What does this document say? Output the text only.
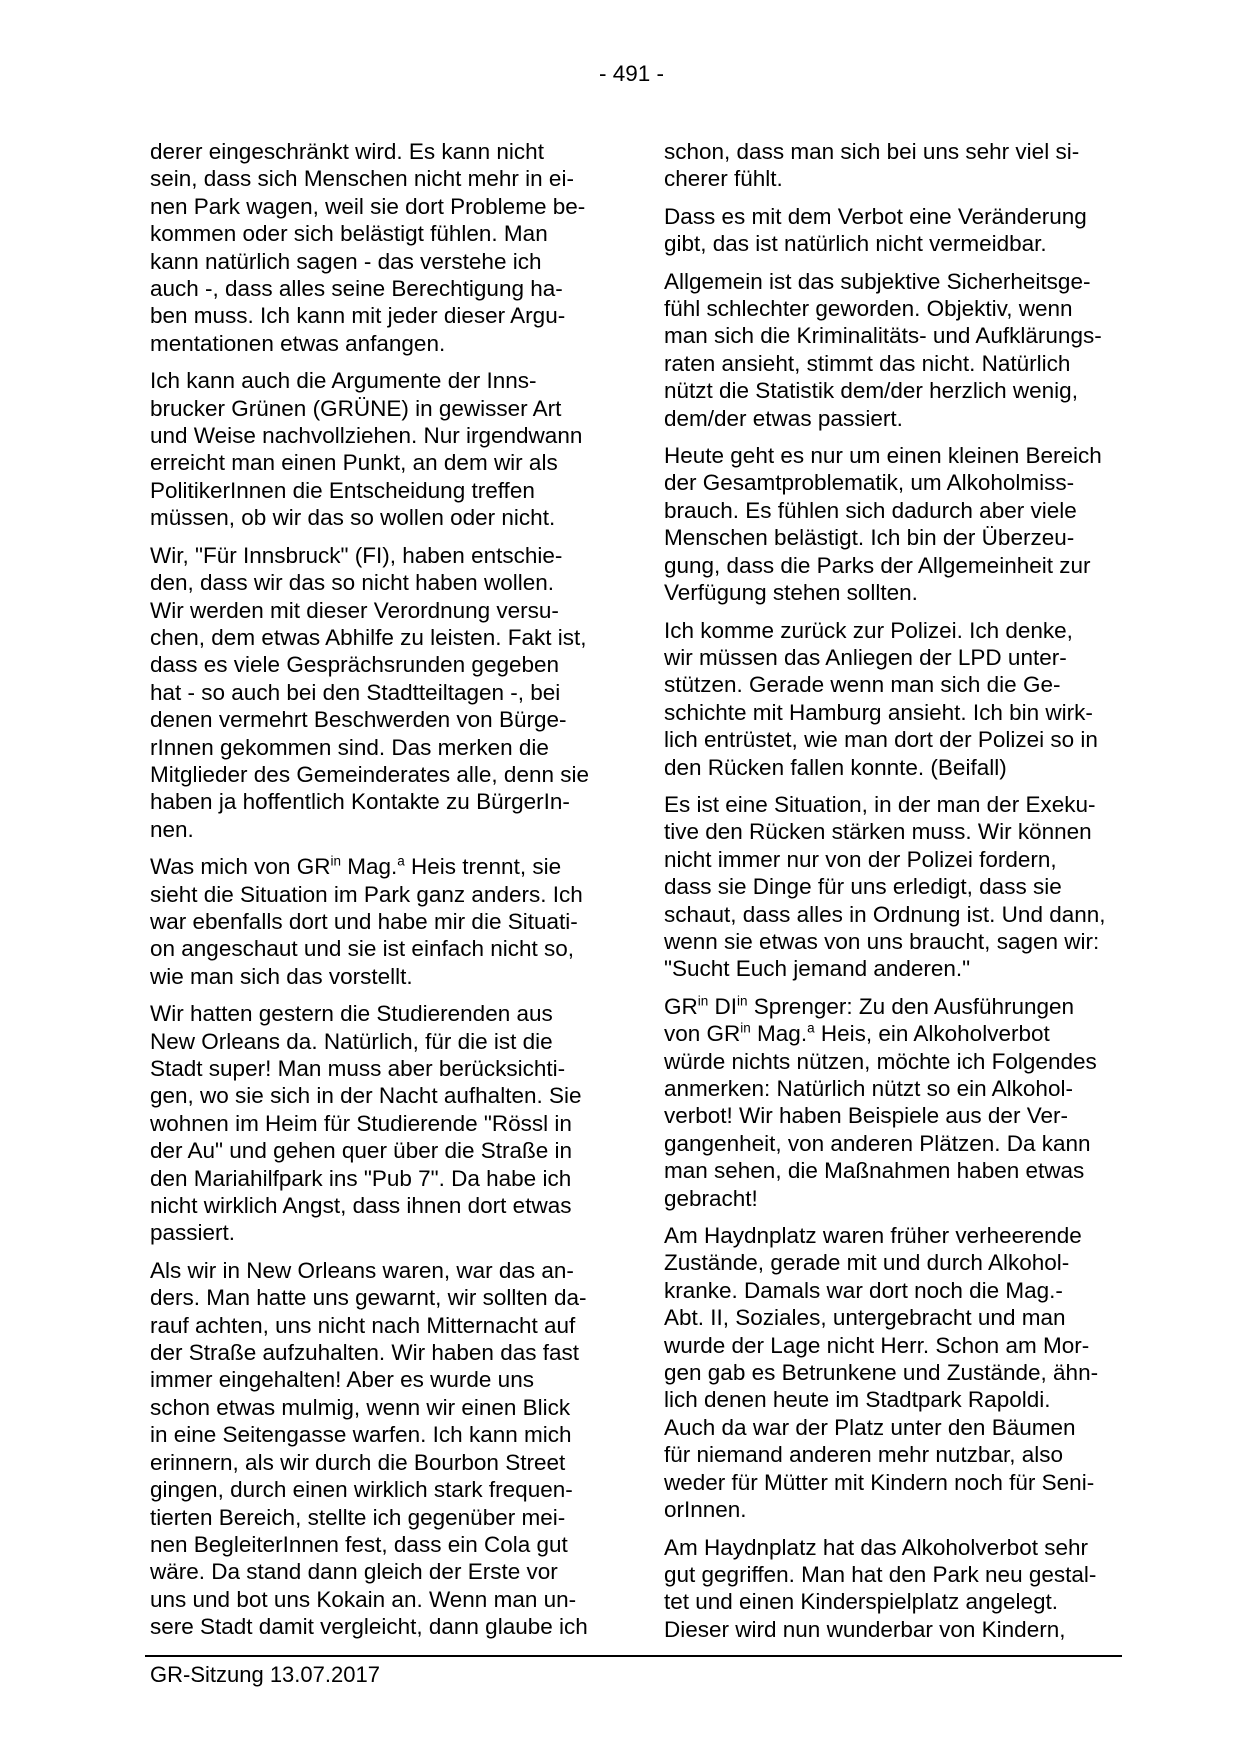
- 491 -

derer eingeschränkt wird. Es kann nicht
sein, dass sich Menschen nicht mehr in ei-
nen Park wagen, weil sie dort Probleme be-
kommen oder sich belästigt fühlen. Man
kann natürlich sagen - das verstehe ich
auch -, dass alles seine Berechtigung ha-
ben muss. Ich kann mit jeder dieser Argu-
mentationen etwas anfangen.

Ich kann auch die Argumente der Inns-
brucker Grünen (GRÜNE) in gewisser Art
und Weise nachvollziehen. Nur irgendwann
erreicht man einen Punkt, an dem wir als
PolitikerInnen die Entscheidung treffen
müssen, ob wir das so wollen oder nicht.

Wir, "Für Innsbruck" (FI), haben entschie-
den, dass wir das so nicht haben wollen.
Wir werden mit dieser Verordnung versu-
chen, dem etwas Abhilfe zu leisten. Fakt ist,
dass es viele Gesprächsrunden gegeben
hat - so auch bei den Stadtteiltagen -, bei
denen vermehrt Beschwerden von Bürge-
rInnen gekommen sind. Das merken die
Mitglieder des Gemeinderates alle, denn sie
haben ja hoffentlich Kontakte zu BürgerIn-
nen.

Was mich von $GR^{in}$ Mag.$^a$ Heis trennt, sie
sieht die Situation im Park ganz anders. Ich
war ebenfalls dort und habe mir die Situati-
on angeschaut und sie ist einfach nicht so,
wie man sich das vorstellt.

Wir hatten gestern die Studierenden aus
New Orleans da. Natürlich, für die ist die
Stadt super! Man muss aber berücksichti-
gen, wo sie sich in der Nacht aufhalten. Sie
wohnen im Heim für Studierende "Rössl in
der Au" und gehen quer über die Straße in
den Mariahilfpark ins "Pub 7". Da habe ich
nicht wirklich Angst, dass ihnen dort etwas
passiert.

Als wir in New Orleans waren, war das an-
ders. Man hatte uns gewarnt, wir sollten da-
rauf achten, uns nicht nach Mitternacht auf
der Straße aufzuhalten. Wir haben das fast
immer eingehalten! Aber es wurde uns
schon etwas mulmig, wenn wir einen Blick
in eine Seitengasse warfen. Ich kann mich
erinnern, als wir durch die Bourbon Street
gingen, durch einen wirklich stark frequen-
tierten Bereich, stellte ich gegenüber mei-
nen BegleiterInnen fest, dass ein Cola gut
wäre. Da stand dann gleich der Erste vor
uns und bot uns Kokain an. Wenn man un-
sere Stadt damit vergleicht, dann glaube ich

schon, dass man sich bei uns sehr viel si-
cherer fühlt.

Dass es mit dem Verbot eine Veränderung
gibt, das ist natürlich nicht vermeidbar.

Allgemein ist das subjektive Sicherheitsge-
fühl schlechter geworden. Objektiv, wenn
man sich die Kriminalitäts- und Aufklärungs-
raten ansieht, stimmt das nicht. Natürlich
nützt die Statistik dem/der herzlich wenig,
dem/der etwas passiert.

Heute geht es nur um einen kleinen Bereich
der Gesamtproblematik, um Alkoholmiss-
brauch. Es fühlen sich dadurch aber viele
Menschen belästigt. Ich bin der Überzeu-
gung, dass die Parks der Allgemeinheit zur
Verfügung stehen sollten.

Ich komme zurück zur Polizei. Ich denke,
wir müssen das Anliegen der LPD unter-
stützen. Gerade wenn man sich die Ge-
schichte mit Hamburg ansieht. Ich bin wirk-
lich entrüstet, wie man dort der Polizei so in
den Rücken fallen konnte. (Beifall)

Es ist eine Situation, in der man der Exeku-
tive den Rücken stärken muss. Wir können
nicht immer nur von der Polizei fordern,
dass sie Dinge für uns erledigt, dass sie
schaut, dass alles in Ordnung ist. Und dann,
wenn sie etwas von uns braucht, sagen wir:
"Sucht Euch jemand anderen."

$GR^{in}$ $DI^{in}$ Sprenger: Zu den Ausführungen
von $GR^{in}$ Mag.$^a$ Heis, ein Alkoholverbot
würde nichts nützen, möchte ich Folgendes
anmerken: Natürlich nützt so ein Alkohol-
verbot! Wir haben Beispiele aus der Ver-
gangenheit, von anderen Plätzen. Da kann
man sehen, die Maßnahmen haben etwas
gebracht!

Am Haydnplatz waren früher verheerende
Zustände, gerade mit und durch Alkohol-
kranke. Damals war dort noch die Mag.-
Abt. II, Soziales, untergebracht und man
wurde der Lage nicht Herr. Schon am Mor-
gen gab es Betrunkene und Zustände, ähn-
lich denen heute im Stadtpark Rapoldi.
Auch da war der Platz unter den Bäumen
für niemand anderen mehr nutzbar, also
weder für Mütter mit Kindern noch für Seni-
orInnen.

Am Haydnplatz hat das Alkoholverbot sehr
gut gegriffen. Man hat den Park neu gestal-
tet und einen Kinderspielplatz angelegt.
Dieser wird nun wunderbar von Kindern,

GR-Sitzung 13.07.2017
